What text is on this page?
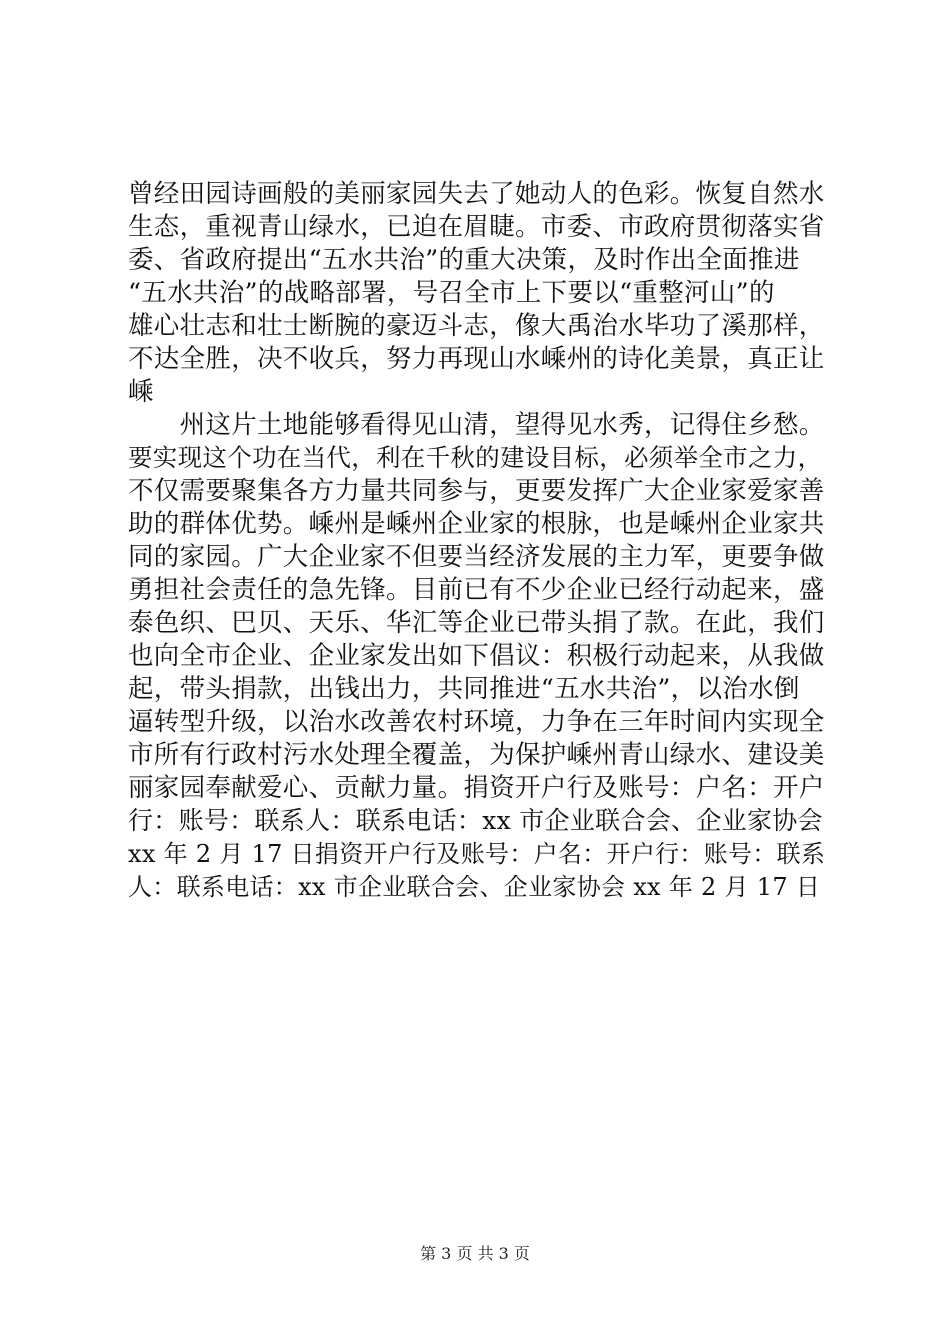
曾经田园诗画般的美丽家园失去了她动人的色彩。恢复自然水
生态，重视青山绿水，已迫在眉睫。市委、市政府贯彻落实省
委、省政府提出“五水共治”的重大决策，及时作出全面推进
“五水共治”的战略部署，号召全市上下要以“重整河山”的
雄心壮志和壮士断腕的豪迈斗志，像大禹治水毕功了溪那样，
不达全胜，决不收兵，努力再现山水嵊州的诗化美景，真正让
嵊
　　州这片土地能够看得见山清，望得见水秀，记得住乡愁。
要实现这个功在当代，利在千秋的建设目标，必须举全市之力，
不仅需要聚集各方力量共同参与，更要发挥广大企业家爱家善
助的群体优势。嵊州是嵊州企业家的根脉，也是嵊州企业家共
同的家园。广大企业家不但要当经济发展的主力军，更要争做
勇担社会责任的急先锋。目前已有不少企业已经行动起来，盛
泰色织、巴贝、天乐、华汇等企业已带头捐了款。在此，我们
也向全市企业、企业家发出如下倡议：积极行动起来，从我做
起，带头捐款，出钱出力，共同推进“五水共治”，以治水倒
逼转型升级，以治水改善农村环境，力争在三年时间内实现全
市所有行政村污水处理全覆盖，为保护嵊州青山绿水、建设美
丽家园奉献爱心、贡献力量。捐资开户行及账号：户名：开户
行：账号：联系人：联系电话：xx 市企业联合会、企业家协会
xx 年 2 月 17 日捐资开户行及账号：户名：开户行：账号：联系
人：联系电话：xx 市企业联合会、企业家协会 xx 年 2 月 17 日
第 3 页 共 3 页
